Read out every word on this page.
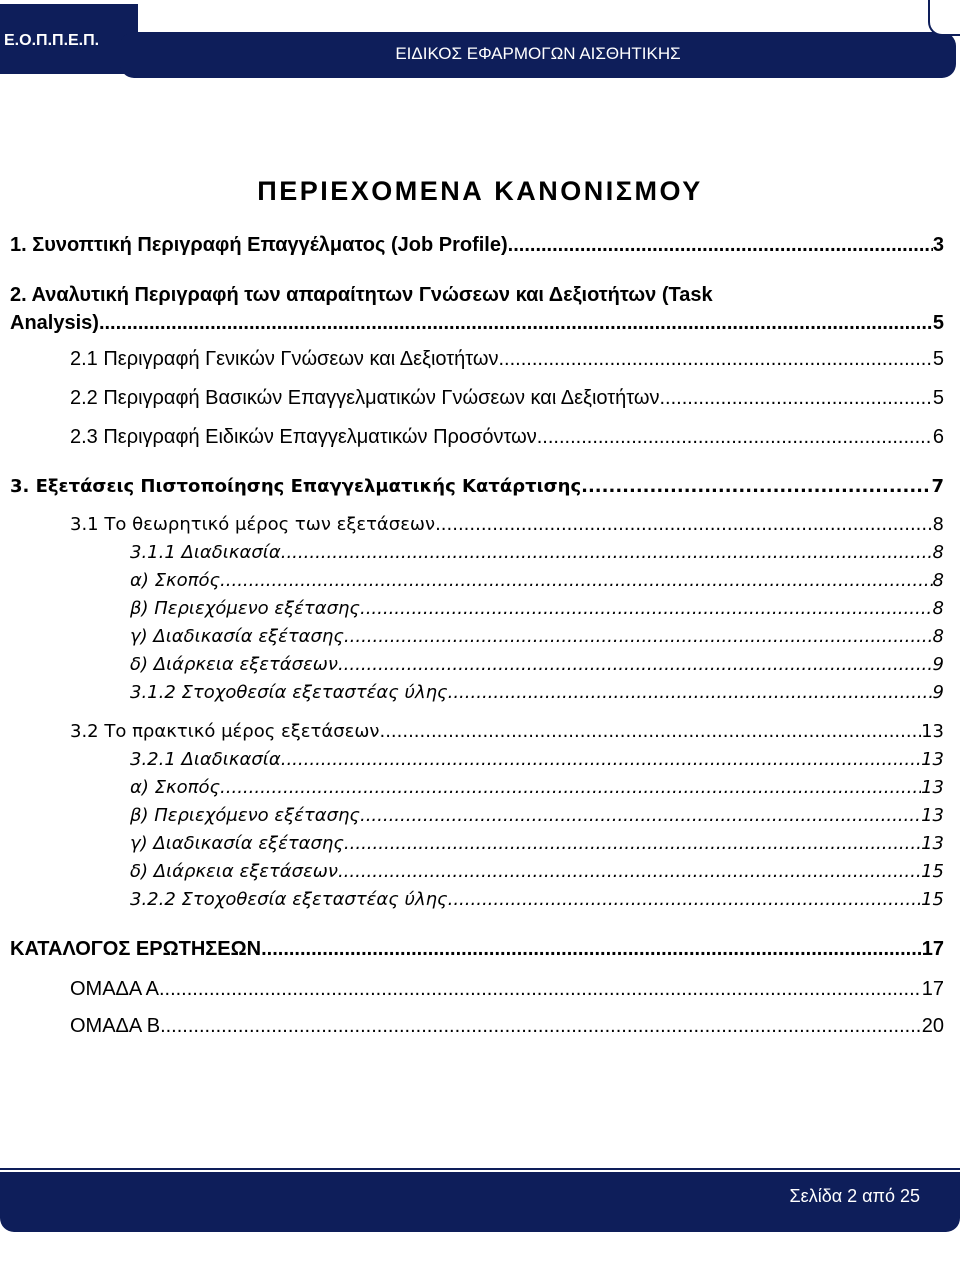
Ε.Ο.Π.Π.Ε.Π.
ΕΙΔΙΚΟΣ ΕΦΑΡΜΟΓΩΝ ΑΙΣΘΗΤΙΚΗΣ
ΠΕΡΙΕΧΟΜΕΝΑ ΚΑΝΟΝΙΣΜΟΥ
1. Συνοπτική Περιγραφή Επαγγέλματος (Job Profile) .....	3
2. Αναλυτική Περιγραφή των απαραίτητων Γνώσεων και Δεξιοτήτων (Task
Analysis) .....	5
2.1 Περιγραφή Γενικών Γνώσεων και Δεξιοτήτων .....	5
2.2 Περιγραφή Βασικών Επαγγελματικών Γνώσεων και Δεξιοτήτων .....	5
2.3 Περιγραφή Ειδικών Επαγγελματικών Προσόντων .....	6
3. Εξετάσεις Πιστοποίησης Επαγγελματικής Κατάρτισης .....	7
3.1 Το θεωρητικό μέρος των εξετάσεων .....	8
3.1.1 Διαδικασία .....	8
α) Σκοπός .....	8
β) Περιεχόμενο εξέτασης .....	8
γ) Διαδικασία εξέτασης .....	8
δ) Διάρκεια εξετάσεων .....	9
3.1.2 Στοχοθεσία εξεταστέας ύλης .....	9
3.2 Το πρακτικό μέρος εξετάσεων .....	13
3.2.1 Διαδικασία .....	13
α) Σκοπός .....	13
β) Περιεχόμενο εξέτασης .....	13
γ) Διαδικασία εξέτασης .....	13
δ) Διάρκεια εξετάσεων .....	15
3.2.2 Στοχοθεσία εξεταστέας ύλης .....	15
ΚΑΤΑΛΟΓΟΣ ΕΡΩΤΗΣΕΩΝ .....	17
ΟΜΑΔΑ Α .....	17
ΟΜΑΔΑ Β .....	20
Σελίδα 2 από 25
